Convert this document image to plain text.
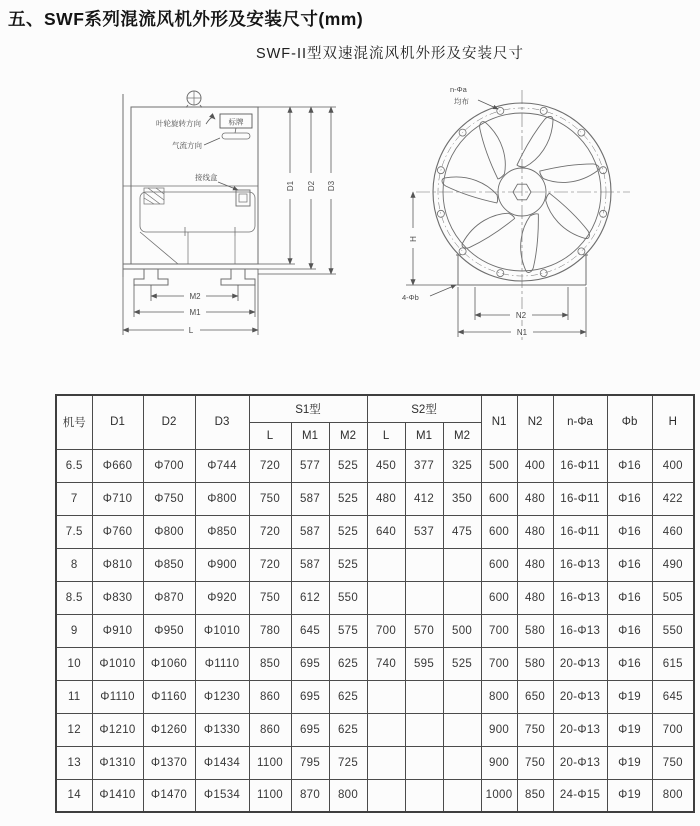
五、SWF系列混流风机外形及安装尺寸(mm)
SWF-II型双速混流风机外形及安装尺寸
M2
M1
L
D1 D2 D3
叶轮旋转方向	标牌
气流方向
接线盒
H
N2
N1
n-Φa
均布
4-Φb
机号	D1	D2	D3	S1型			S2型			N1	N2	n-Φa	Φb	H
				L	M1	M2	L	M1	M2					
6.5	Φ660	Φ700	Φ744	720	577	525	450	377	325	500	400	16-Φ11	Φ16	400
7	Φ710	Φ750	Φ800	750	587	525	480	412	350	600	480	16-Φ11	Φ16	422
7.5	Φ760	Φ800	Φ850	720	587	525	640	537	475	600	480	16-Φ11	Φ16	460
8	Φ810	Φ850	Φ900	720	587	525				600	480	16-Φ13	Φ16	490
8.5	Φ830	Φ870	Φ920	750	612	550				600	480	16-Φ13	Φ16	505
9	Φ910	Φ950	Φ1010	780	645	575	700	570	500	700	580	16-Φ13	Φ16	550
10	Φ1010	Φ1060	Φ1110	850	695	625	740	595	525	700	580	20-Φ13	Φ16	615
11	Φ1110	Φ1160	Φ1230	860	695	625				800	650	20-Φ13	Φ19	645
12	Φ1210	Φ1260	Φ1330	860	695	625				900	750	20-Φ13	Φ19	700
13	Φ1310	Φ1370	Φ1434	1100	795	725				900	750	20-Φ13	Φ19	750
14	Φ1410	Φ1470	Φ1534	1100	870	800				1000	850	24-Φ15	Φ19	800
